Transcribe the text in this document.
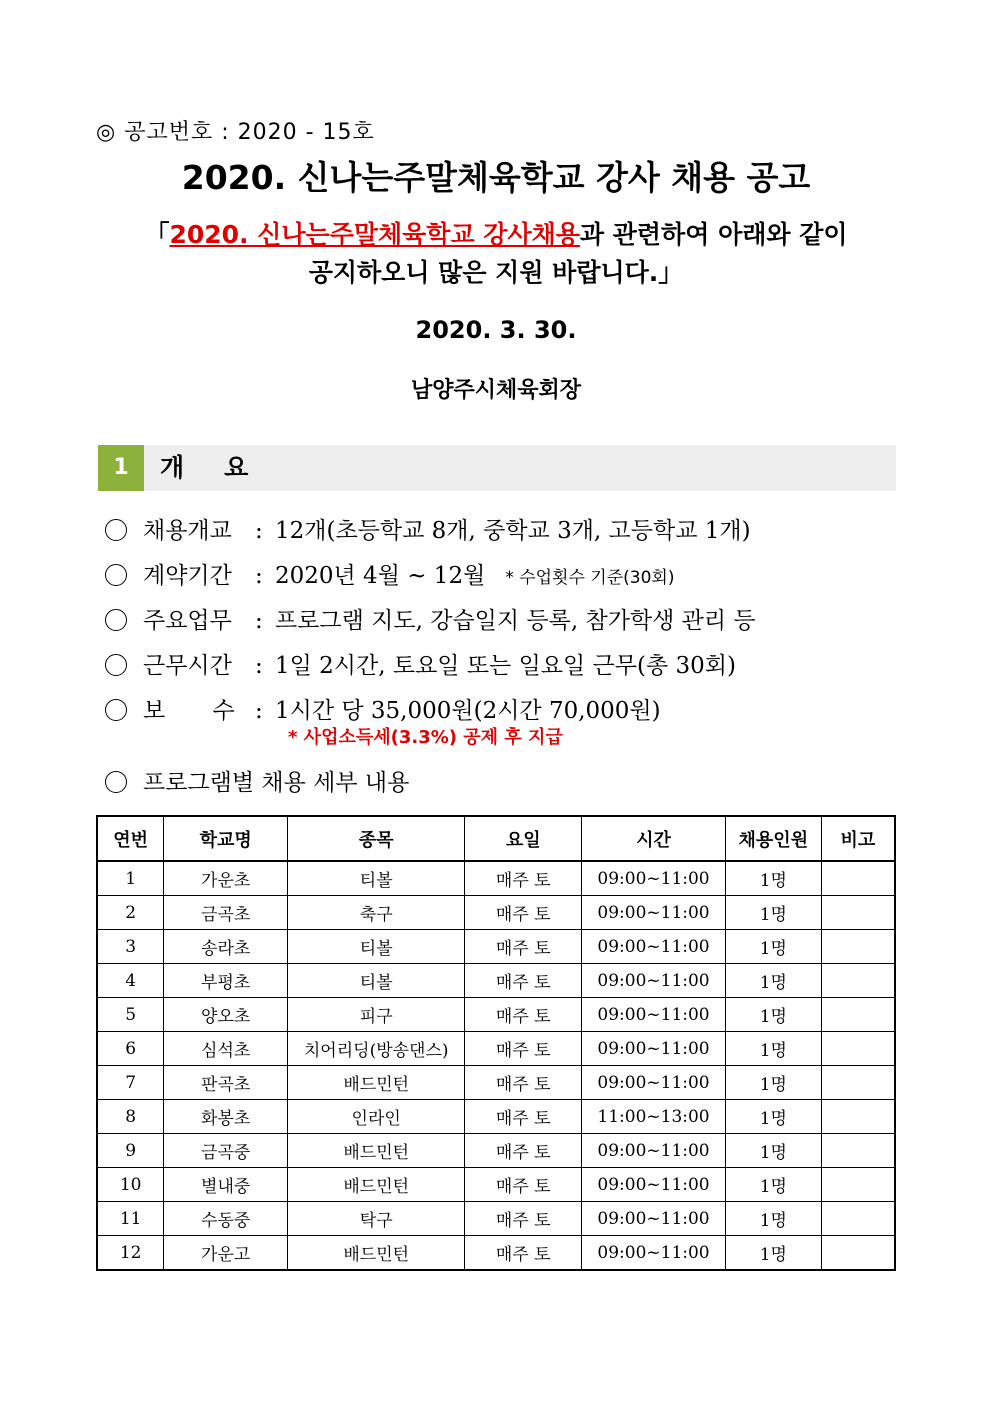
◎ 공고번호 : 2020 - 15호
2020. 신나는주말체육학교 강사 채용 공고
「2020. 신나는주말체육학교 강사채용과 관련하여 아래와 같이
공지하오니 많은 지원 바랍니다.」
2020. 3. 30.
남양주시체육회장
1	개요
채용개교 : 12개(초등학교 8개, 중학교 3개, 고등학교 1개)
계약기간 : 2020년 4월 ~ 12월 * 수업횟수 기준(30회)
주요업무 : 프로그램 지도, 강습일지 등록, 참가학생 관리 등
근무시간 : 1일 2시간, 토요일 또는 일요일 근무(총 30회)
보 수 : 1시간 당 35,000원(2시간 70,000원)
* 사업소득세(3.3%) 공제 후 지급
프로그램별 채용 세부 내용
연번	학교명	종목	요일	시간	채용인원	비고
1	가운초	티볼	매주 토	09:00~11:00	1명	
2	금곡초	축구	매주 토	09:00~11:00	1명	
3	송라초	티볼	매주 토	09:00~11:00	1명	
4	부평초	티볼	매주 토	09:00~11:00	1명	
5	양오초	피구	매주 토	09:00~11:00	1명	
6	심석초	치어리딩(방송댄스)	매주 토	09:00~11:00	1명	
7	판곡초	배드민턴	매주 토	09:00~11:00	1명	
8	화봉초	인라인	매주 토	11:00~13:00	1명	
9	금곡중	배드민턴	매주 토	09:00~11:00	1명	
10	별내중	배드민턴	매주 토	09:00~11:00	1명	
11	수동중	탁구	매주 토	09:00~11:00	1명	
12	가운고	배드민턴	매주 토	09:00~11:00	1명	
